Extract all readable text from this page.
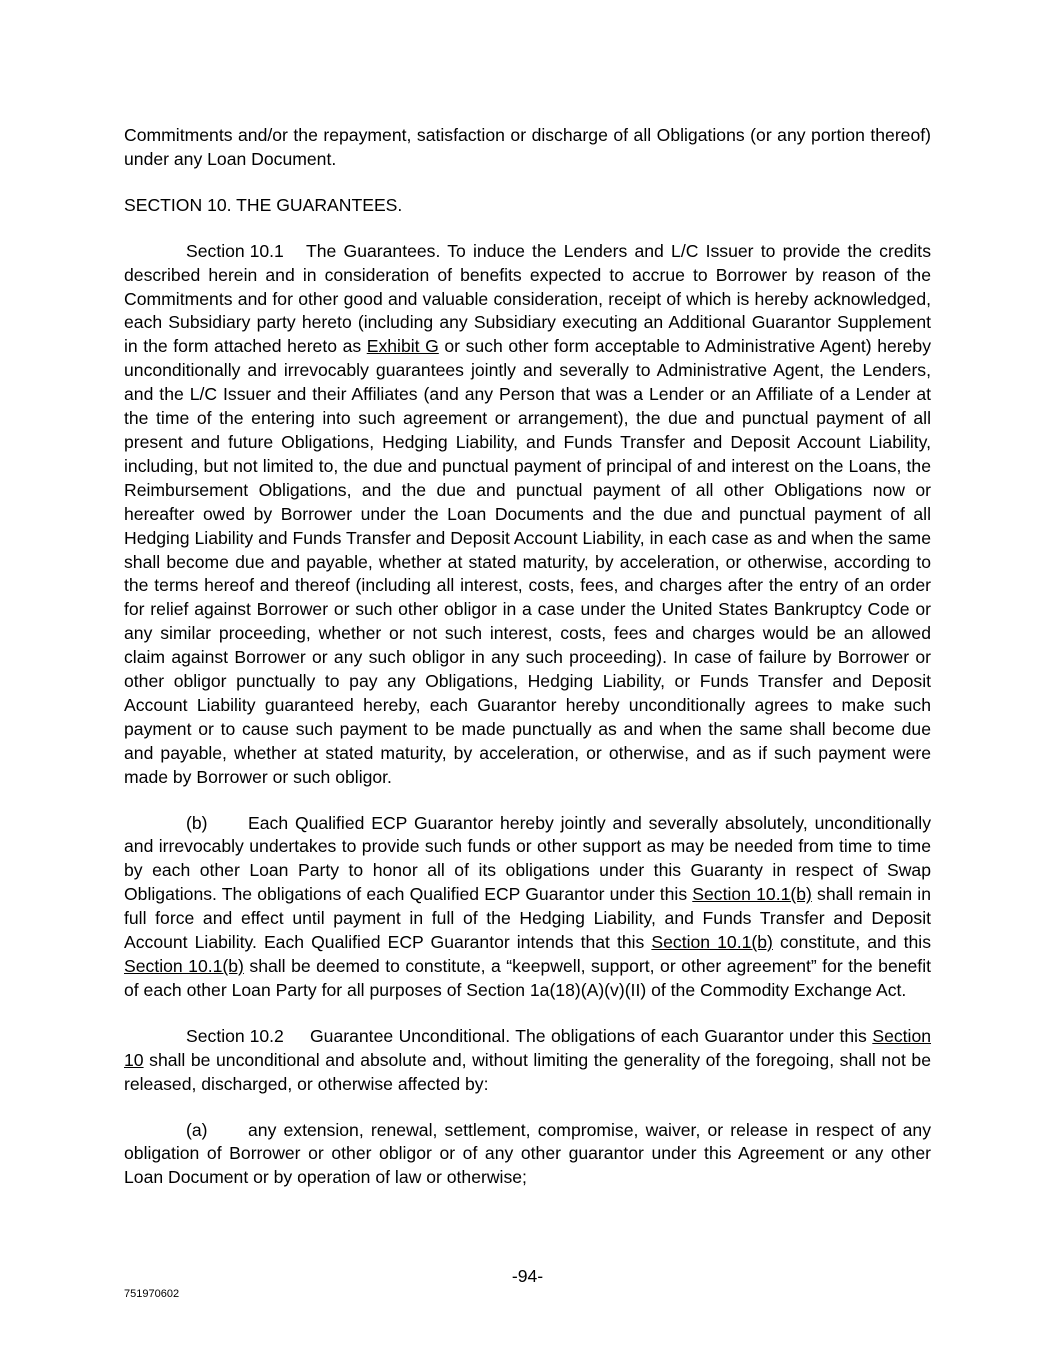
Commitments and/or the repayment, satisfaction or discharge of all Obligations (or any portion thereof) under any Loan Document.

SECTION 10. THE GUARANTEES.

Section 10.1 The Guarantees. To induce the Lenders and L/C Issuer to provide the credits described herein and in consideration of benefits expected to accrue to Borrower by reason of the Commitments and for other good and valuable consideration, receipt of which is hereby acknowledged, each Subsidiary party hereto (including any Subsidiary executing an Additional Guarantor Supplement in the form attached hereto as Exhibit G or such other form acceptable to Administrative Agent) hereby unconditionally and irrevocably guarantees jointly and severally to Administrative Agent, the Lenders, and the L/C Issuer and their Affiliates (and any Person that was a Lender or an Affiliate of a Lender at the time of the entering into such agreement or arrangement), the due and punctual payment of all present and future Obligations, Hedging Liability, and Funds Transfer and Deposit Account Liability, including, but not limited to, the due and punctual payment of principal of and interest on the Loans, the Reimbursement Obligations, and the due and punctual payment of all other Obligations now or hereafter owed by Borrower under the Loan Documents and the due and punctual payment of all Hedging Liability and Funds Transfer and Deposit Account Liability, in each case as and when the same shall become due and payable, whether at stated maturity, by acceleration, or otherwise, according to the terms hereof and thereof (including all interest, costs, fees, and charges after the entry of an order for relief against Borrower or such other obligor in a case under the United States Bankruptcy Code or any similar proceeding, whether or not such interest, costs, fees and charges would be an allowed claim against Borrower or any such obligor in any such proceeding). In case of failure by Borrower or other obligor punctually to pay any Obligations, Hedging Liability, or Funds Transfer and Deposit Account Liability guaranteed hereby, each Guarantor hereby unconditionally agrees to make such payment or to cause such payment to be made punctually as and when the same shall become due and payable, whether at stated maturity, by acceleration, or otherwise, and as if such payment were made by Borrower or such obligor.

(b) Each Qualified ECP Guarantor hereby jointly and severally absolutely, unconditionally and irrevocably undertakes to provide such funds or other support as may be needed from time to time by each other Loan Party to honor all of its obligations under this Guaranty in respect of Swap Obligations. The obligations of each Qualified ECP Guarantor under this Section 10.1(b) shall remain in full force and effect until payment in full of the Hedging Liability, and Funds Transfer and Deposit Account Liability. Each Qualified ECP Guarantor intends that this Section 10.1(b) constitute, and this Section 10.1(b) shall be deemed to constitute, a “keepwell, support, or other agreement” for the benefit of each other Loan Party for all purposes of Section 1a(18)(A)(v)(II) of the Commodity Exchange Act.

Section 10.2 Guarantee Unconditional. The obligations of each Guarantor under this Section 10 shall be unconditional and absolute and, without limiting the generality of the foregoing, shall not be released, discharged, or otherwise affected by:

(a) any extension, renewal, settlement, compromise, waiver, or release in respect of any obligation of Borrower or other obligor or of any other guarantor under this Agreement or any other Loan Document or by operation of law or otherwise;

-94-
751970602
